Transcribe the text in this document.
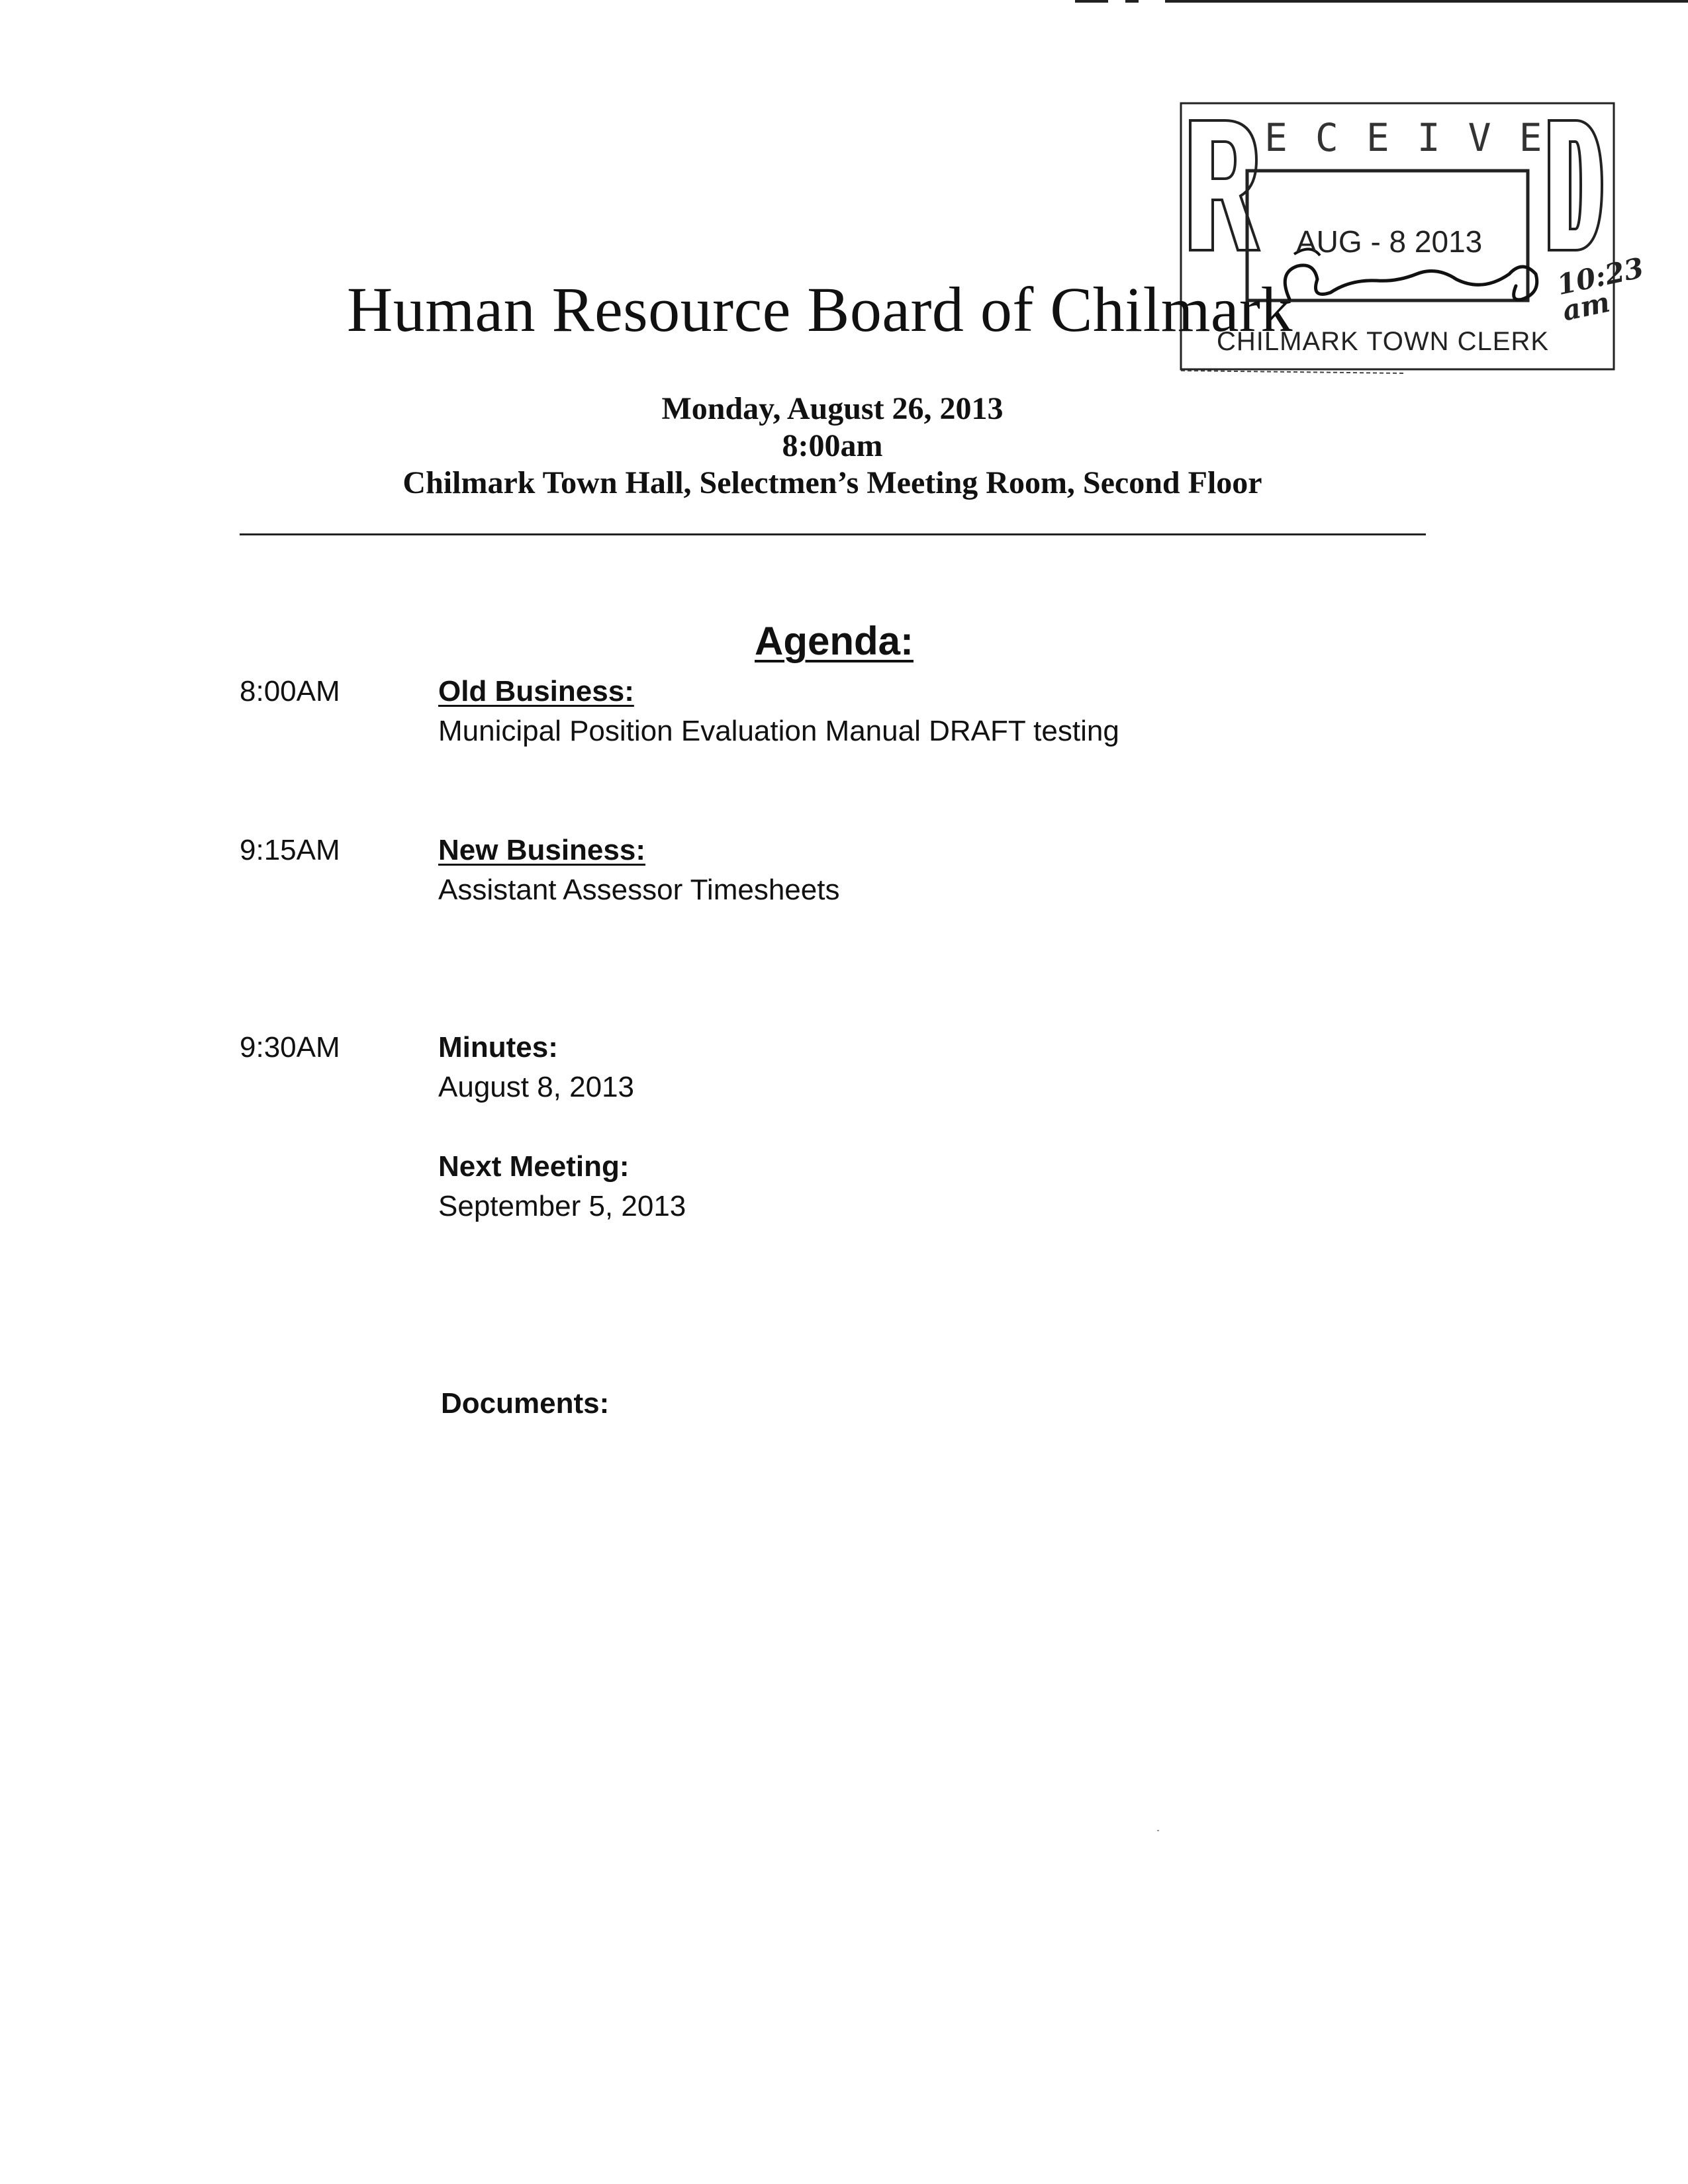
ECEIVE
AUG - 8 2013
10:23 am
CHILMARK TOWN CLERK
Human Resource Board of Chilmark
Monday, August 26, 2013
8:00am
Chilmark Town Hall, Selectmen’s Meeting Room, Second Floor
Agenda:
8:00AM	Old Business:
Municipal Position Evaluation Manual DRAFT testing
9:15AM	New Business:
Assistant Assessor Timesheets
9:30AM	Minutes:
August 8, 2013
Next Meeting:
September 5, 2013
Documents:
